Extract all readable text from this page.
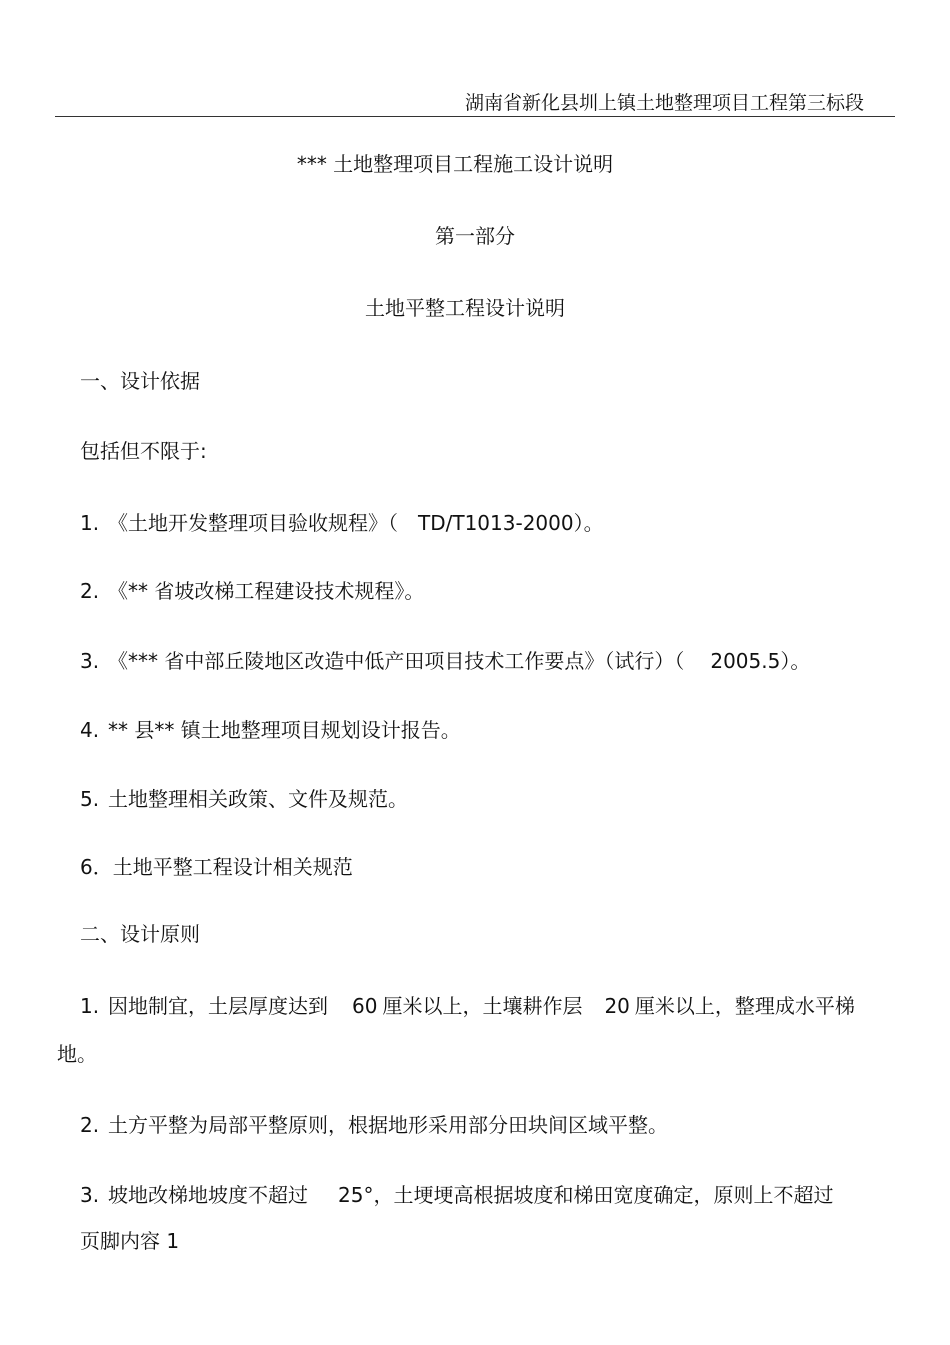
湖南省新化县圳上镇土地整理项目工程第三标段
*** 土地整理项目工程施工设计说明
第一部分
土地平整工程设计说明
一、设计依据
包括但不限于:
1. 《土地开发整理项目验收规程》（ TD/T1013-2000）。
2. 《** 省坡改梯工程建设技术规程》。
3. 《*** 省中部丘陵地区改造中低产田项目技术工作要点》（试行）（ 2005.5）。
4. ** 县** 镇土地整理项目规划设计报告。
5. 土地整理相关政策、文件及规范。
6．土地平整工程设计相关规范
二、设计原则
1. 因地制宜，土层厚度达到 60 厘米以上，土壤耕作层 20 厘米以上，整理成水平梯
地。
2. 土方平整为局部平整原则，根据地形采用部分田块间区域平整。
3. 坡地改梯地坡度不超过 25°，土埂埂高根据坡度和梯田宽度确定，原则上不超过
页脚内容 1
